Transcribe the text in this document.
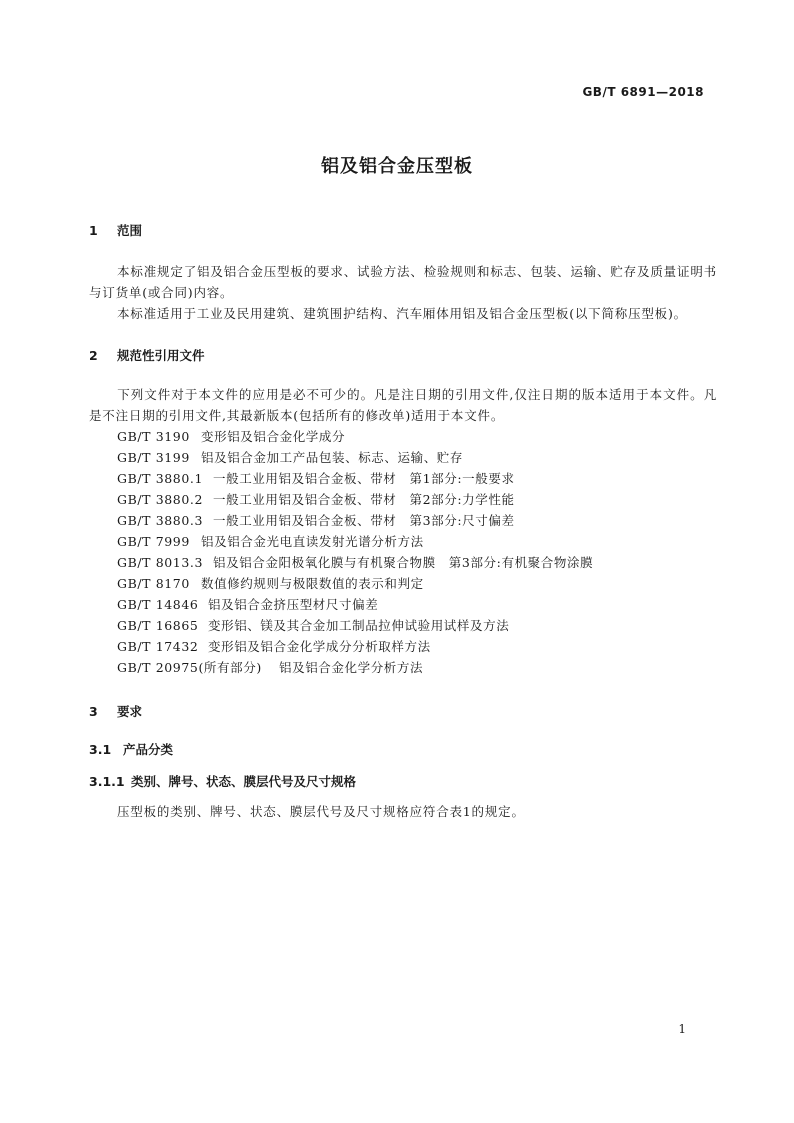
GB/T 6891—2018
铝及铝合金压型板
1 范围
本标准规定了铝及铝合金压型板的要求、试验方法、检验规则和标志、包装、运输、贮存及质量证明书与订货单(或合同)内容。
本标准适用于工业及民用建筑、建筑围护结构、汽车厢体用铝及铝合金压型板(以下简称压型板)。
2 规范性引用文件
下列文件对于本文件的应用是必不可少的。凡是注日期的引用文件,仅注日期的版本适用于本文件。凡是不注日期的引用文件,其最新版本(包括所有的修改单)适用于本文件。
GB/T 3190 变形铝及铝合金化学成分
GB/T 3199 铝及铝合金加工产品包装、标志、运输、贮存
GB/T 3880.1 一般工业用铝及铝合金板、带材　第1部分:一般要求
GB/T 3880.2 一般工业用铝及铝合金板、带材　第2部分:力学性能
GB/T 3880.3 一般工业用铝及铝合金板、带材　第3部分:尺寸偏差
GB/T 7999 铝及铝合金光电直读发射光谱分析方法
GB/T 8013.3 铝及铝合金阳极氧化膜与有机聚合物膜　第3部分:有机聚合物涂膜
GB/T 8170 数值修约规则与极限数值的表示和判定
GB/T 14846 铝及铝合金挤压型材尺寸偏差
GB/T 16865 变形铝、镁及其合金加工制品拉伸试验用试样及方法
GB/T 17432 变形铝及铝合金化学成分分析取样方法
GB/T 20975(所有部分) 铝及铝合金化学分析方法
3 要求
3.1 产品分类
3.1.1 类别、牌号、状态、膜层代号及尺寸规格
压型板的类别、牌号、状态、膜层代号及尺寸规格应符合表1的规定。
1
